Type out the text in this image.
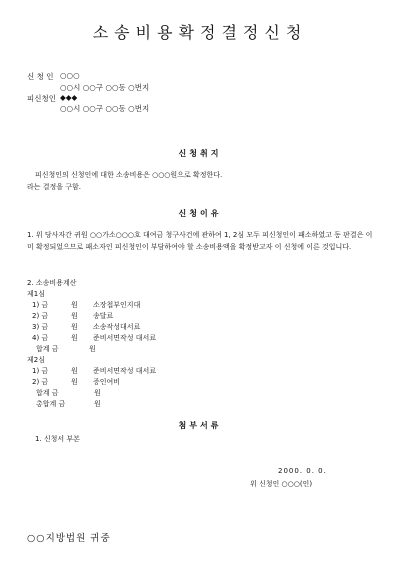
소송비용확정결정신청
신 청 인 ○○○
○○시 ○○구 ○○동 ○번지
피신청인 ◆◆◆
○○시 ○○구 ○○동 ○번지
신청취지
피신청인의 신청인에 대한 소송비용은 ○○○원으로 확정한다.
라는 결정을 구함.
신청이유
1. 위 당사자간 귀원 ○○가소○○○호 대여금 청구사건에 관하여 1, 2심 모두 피신청인이 패소하였고 동 판결은 이미 확정되었으므로 패소자인 피신청인이 부담하여야 할 소송비용액을 확정받고자 이 신청에 이른 것입니다.
2. 소송비용계산
제1심
1) 금	원 소장첩부인지대
2) 금	원 송달료
3) 금	원 소송작성대서료
4) 금	원 준비서면작성 대서료
합계 금	원
제2심
1) 금	원 준비서면작성 대서료
2) 금	원 증인여비
합계 금	원
총합계 금	원
첨부서류
1. 신청서 부본
2000. 0. 0.
위 신청인 ○○○(인)
○○지방법원 귀중
